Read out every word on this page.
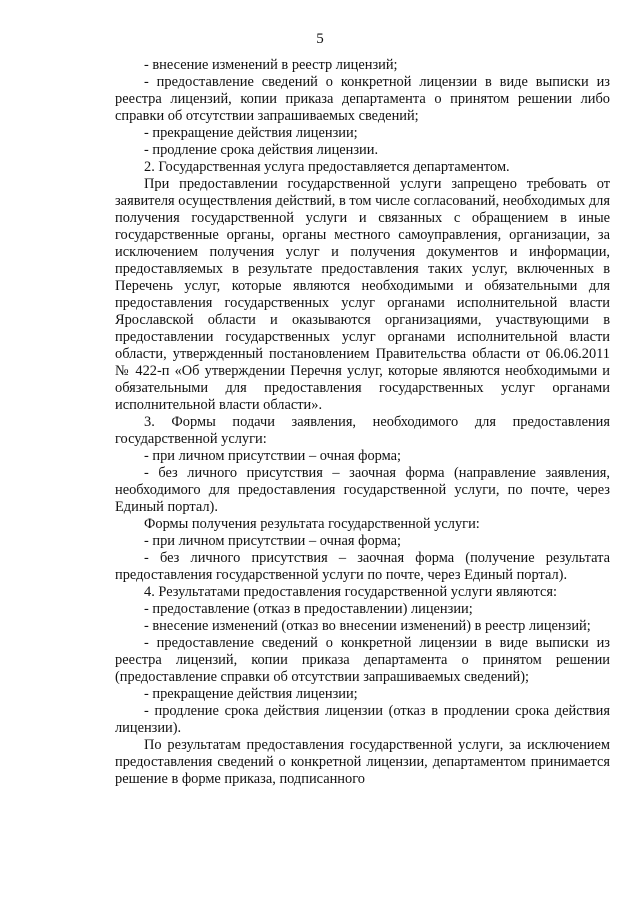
5

- внесение изменений в реестр лицензий;

- предоставление сведений о конкретной лицензии в виде выписки из реестра лицензий, копии приказа департамента о принятом решении либо справки об отсутствии запрашиваемых сведений;

- прекращение действия лицензии;

- продление срока действия лицензии.

2. Государственная услуга предоставляется департаментом.

При предоставлении государственной услуги запрещено требовать от заявителя осуществления действий, в том числе согласований, необходимых для получения государственной услуги и связанных с обращением в иные государственные органы, органы местного самоуправления, организации, за исключением получения услуг и получения документов и информации, предоставляемых в результате предоставления таких услуг, включенных в Перечень услуг, которые являются необходимыми и обязательными для предоставления государственных услуг органами исполнительной власти Ярославской области и оказываются организациями, участвующими в предоставлении государственных услуг органами исполнительной власти области, утвержденный постановлением Правительства области от 06.06.2011 № 422-п «Об утверждении Перечня услуг, которые являются необходимыми и обязательными для предоставления государственных услуг органами исполнительной власти области».

3. Формы подачи заявления, необходимого для предоставления государственной услуги:

- при личном присутствии – очная форма;

- без личного присутствия – заочная форма (направление заявления, необходимого для предоставления государственной услуги, по почте, через Единый портал).

Формы получения результата государственной услуги:

- при личном присутствии – очная форма;

- без личного присутствия – заочная форма (получение результата предоставления государственной услуги по почте, через Единый портал).

4. Результатами предоставления государственной услуги являются:

- предоставление (отказ в предоставлении) лицензии;

- внесение изменений (отказ во внесении изменений) в реестр лицензий;

- предоставление сведений о конкретной лицензии в виде выписки из реестра лицензий, копии приказа департамента о принятом решении (предоставление справки об отсутствии запрашиваемых сведений);

- прекращение действия лицензии;

- продление срока действия лицензии (отказ в продлении срока действия лицензии).

По результатам предоставления государственной услуги, за исключением предоставления сведений о конкретной лицензии, департаментом принимается решение в форме приказа, подписанного
